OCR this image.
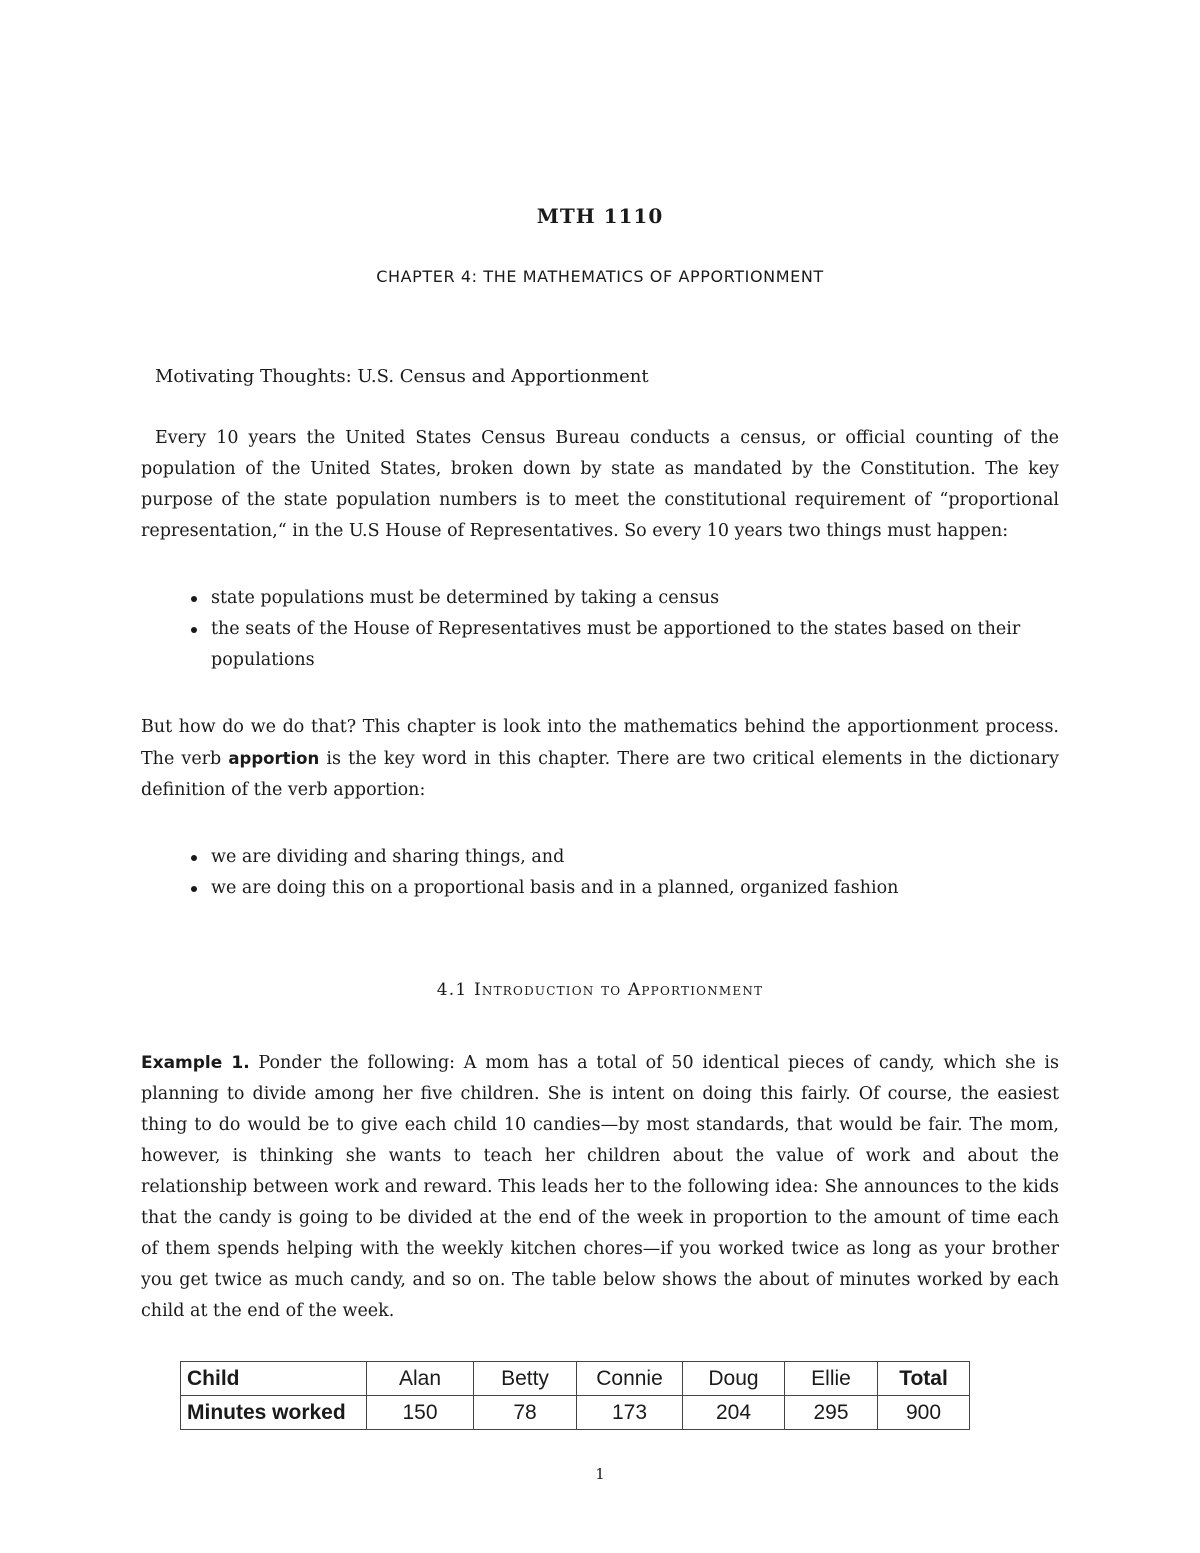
MTH 1110
CHAPTER 4: THE MATHEMATICS OF APPORTIONMENT
Motivating Thoughts: U.S. Census and Apportionment

Every 10 years the United States Census Bureau conducts a census, or official counting of the population of the United States, broken down by state as mandated by the Constitution. The key purpose of the state population numbers is to meet the constitutional requirement of “proportional representation,“ in the U.S House of Representatives. So every 10 years two things must happen:

state populations must be determined by taking a census
the seats of the House of Representatives must be apportioned to the states based on their populations

But how do we do that? This chapter is look into the mathematics behind the apportionment process. The verb apportion is the key word in this chapter. There are two critical elements in the dictionary definition of the verb apportion:

we are dividing and sharing things, and
we are doing this on a proportional basis and in a planned, organized fashion
4.1 Introduction to Apportionment

Example 1. Ponder the following: A mom has a total of 50 identical pieces of candy, which she is planning to divide among her five children. She is intent on doing this fairly. Of course, the easiest thing to do would be to give each child 10 candies—by most standards, that would be fair. The mom, however, is thinking she wants to teach her children about the value of work and about the relationship between work and reward. This leads her to the following idea: She announces to the kids that the candy is going to be divided at the end of the week in proportion to the amount of time each of them spends helping with the weekly kitchen chores—if you worked twice as long as your brother you get twice as much candy, and so on. The table below shows the about of minutes worked by each child at the end of the week.

Child	Alan	Betty	Connie	Doug	Ellie	Total
Minutes worked	150	78	173	204	295	900
1
